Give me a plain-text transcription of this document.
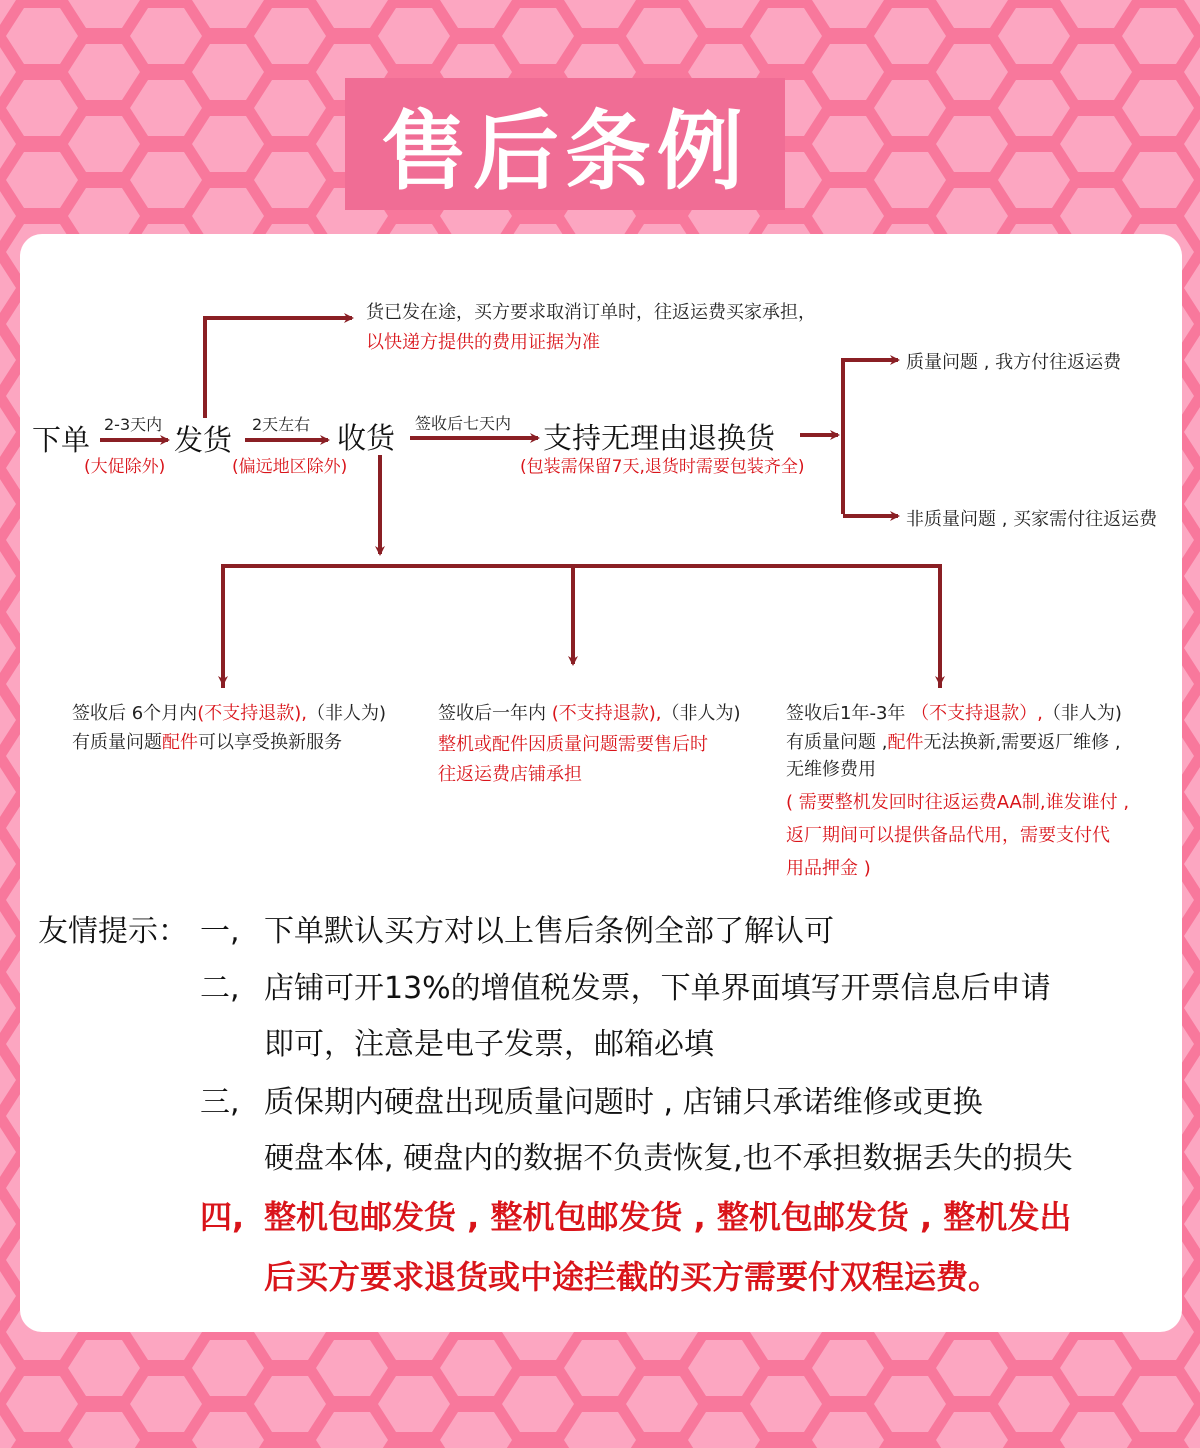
售后条例
下单	发货	收货	支持无理由退换货
2-3天内	2天左右	签收后七天内
(大促除外)	(偏远地区除外)	(包装需保留7天,退货时需要包装齐全)
货已发在途，买方要求取消订单时，往返运费买家承担，
以快递方提供的费用证据为准
质量问题 , 我方付往返运费
非质量问题 , 买家需付往返运费
签收后 6个月内(不支持退款),（非人为)
有质量问题配件可以享受换新服务
签收后一年内 (不支持退款),（非人为)
整机或配件因质量问题需要售后时
往返运费店铺承担
签收后1年-3年 （不支持退款）,（非人为)
有质量问题 ,配件无法换新,需要返厂维修 ,
无维修费用
( 需要整机发回时往返运费AA制,谁发谁付 ,
返厂期间可以提供备品代用，需要支付代
用品押金 )
友情提示： 一, 下单默认买方对以上售后条例全部了解认可
二, 店铺可开13%的增值税发票，下单界面填写开票信息后申请
即可，注意是电子发票，邮箱必填
三, 质保期内硬盘出现质量问题时 , 店铺只承诺维修或更换
硬盘本体, 硬盘内的数据不负责恢复,也不承担数据丢失的损失
四, 整机包邮发货 , 整机包邮发货 , 整机包邮发货 , 整机发出
后买方要求退货或中途拦截的买方需要付双程运费。
